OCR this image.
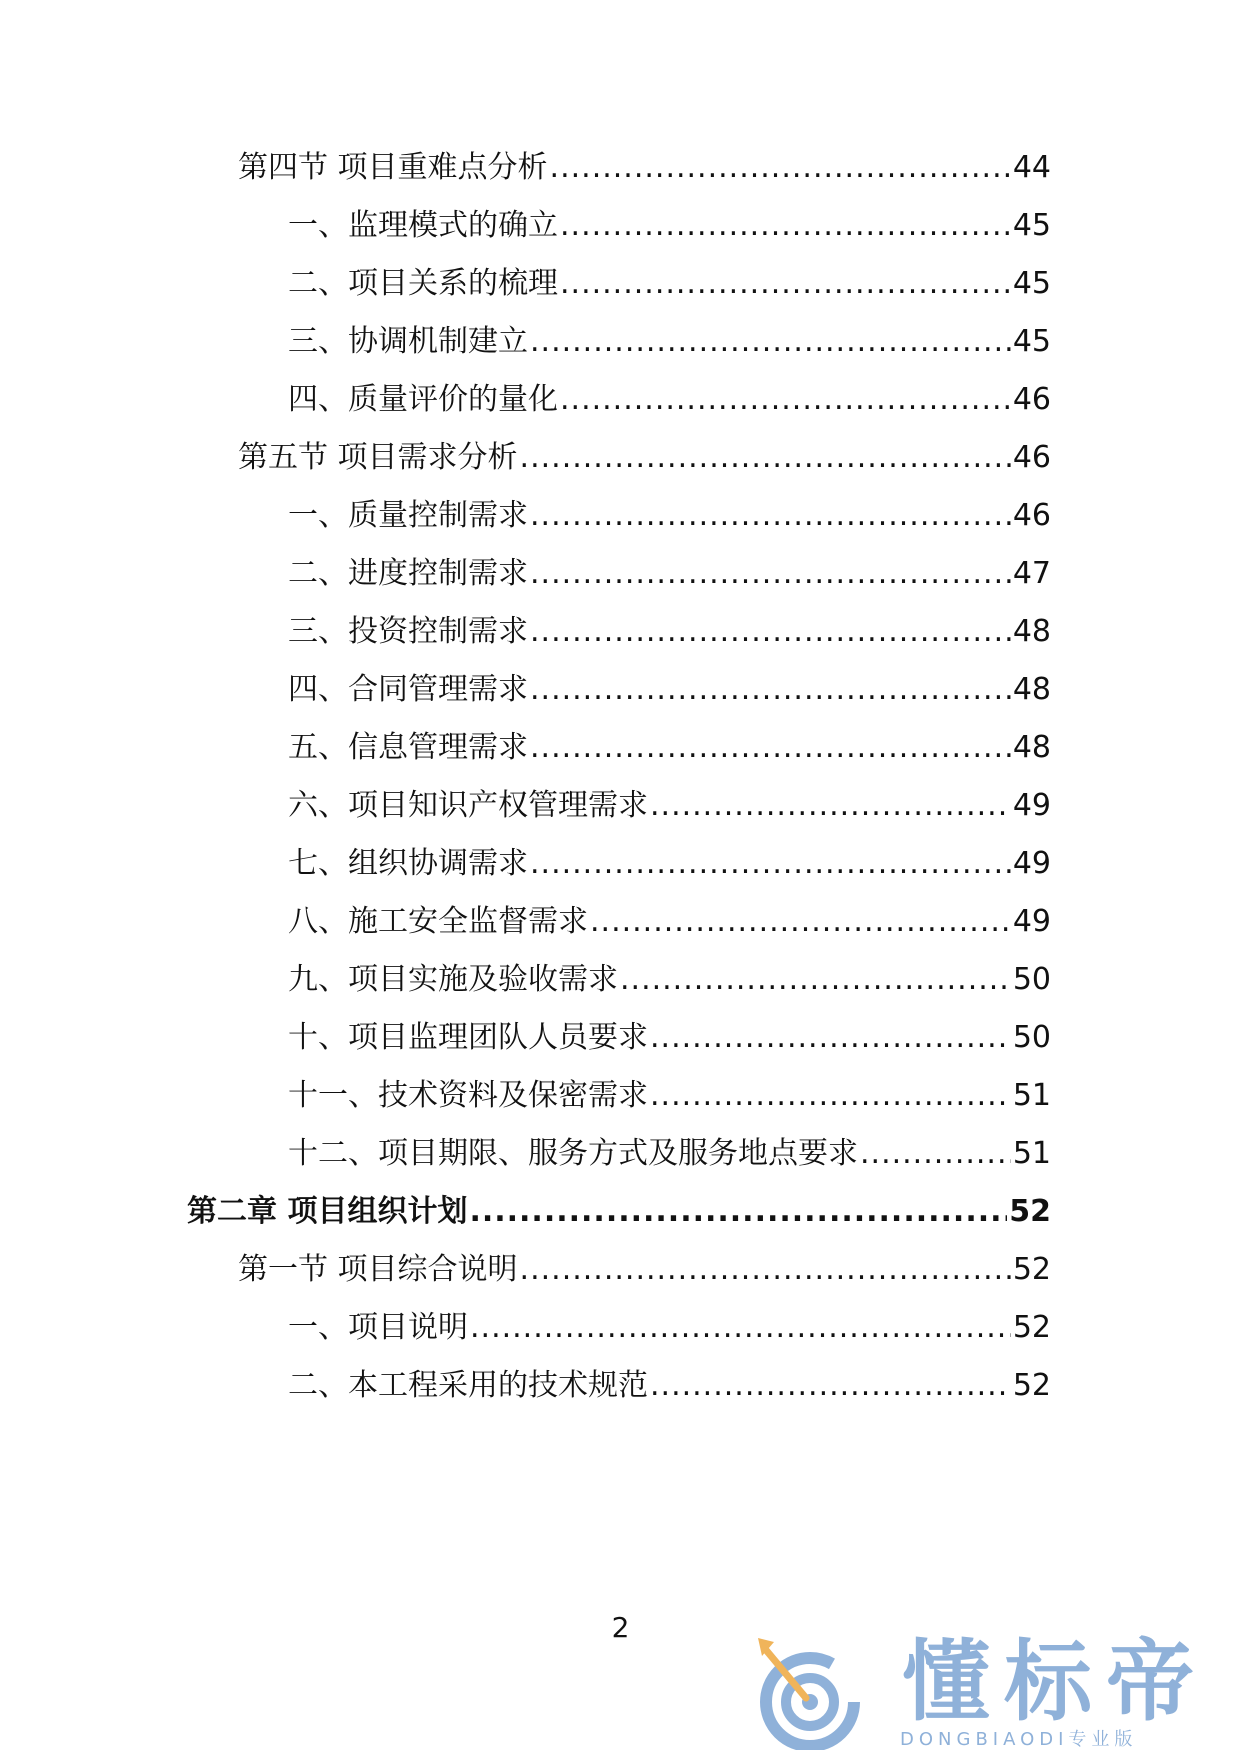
第四节 项目重难点分析 .....	44
一、监理模式的确立 .....	45
二、项目关系的梳理 .....	45
三、协调机制建立 .....	45
四、质量评价的量化 .....	46
第五节 项目需求分析 .....	46
一、质量控制需求 .....	46
二、进度控制需求 .....	47
三、投资控制需求 .....	48
四、合同管理需求 .....	48
五、信息管理需求 .....	48
六、项目知识产权管理需求 .....	49
七、组织协调需求 .....	49
八、施工安全监督需求 .....	49
九、项目实施及验收需求 .....	50
十、项目监理团队人员要求 .....	50
十一、技术资料及保密需求 .....	51
十二、项目期限、服务方式及服务地点要求 .....	51
第二章 项目组织计划 .....	52
第一节 项目综合说明 .....	52
一、项目说明 .....	52
二、本工程采用的技术规范 .....	52
2
懂标帝
DONGBIAODI专业版
